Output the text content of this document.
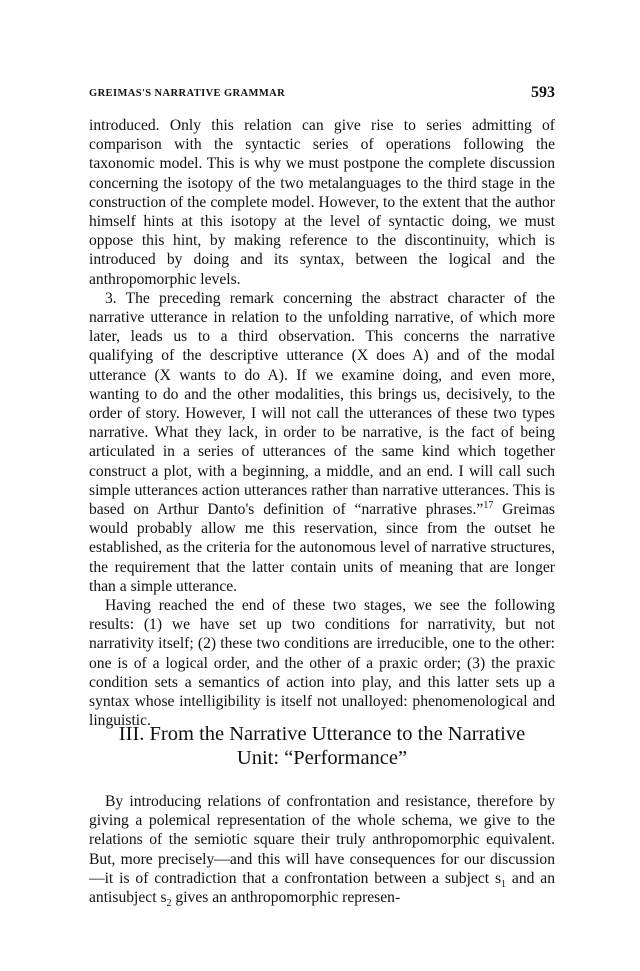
GREIMAS'S NARRATIVE GRAMMAR	593

introduced. Only this relation can give rise to series admitting of comparison with the syntactic series of operations following the taxonomic model. This is why we must postpone the complete discussion concerning the isotopy of the two metalanguages to the third stage in the construction of the complete model. However, to the extent that the author himself hints at this isotopy at the level of syntactic doing, we must oppose this hint, by making reference to the discontinuity, which is introduced by doing and its syntax, between the logical and the anthropomorphic levels.

3. The preceding remark concerning the abstract character of the narrative utterance in relation to the unfolding narrative, of which more later, leads us to a third observation. This concerns the narrative qualifying of the descriptive utterance (X does A) and of the modal utterance (X wants to do A). If we examine doing, and even more, wanting to do and the other modalities, this brings us, decisively, to the order of story. However, I will not call the utterances of these two types narrative. What they lack, in order to be narrative, is the fact of being articulated in a series of utterances of the same kind which together construct a plot, with a beginning, a middle, and an end. I will call such simple utterances action utterances rather than narrative utterances. This is based on Arthur Danto's definition of “narrative phrases.”$^{17}$ Greimas would probably allow me this reservation, since from the outset he established, as the criteria for the autonomous level of narrative structures, the requirement that the latter contain units of meaning that are longer than a simple utterance.

Having reached the end of these two stages, we see the following results: (1) we have set up two conditions for narrativity, but not narrativity itself; (2) these two conditions are irreducible, one to the other: one is of a logical order, and the other of a praxic order; (3) the praxic condition sets a semantics of action into play, and this latter sets up a syntax whose intelligibility is itself not unalloyed: phenomenological and linguistic.

III. From the Narrative Utterance to the Narrative
Unit: “Performance”

By introducing relations of confrontation and resistance, therefore by giving a polemical representation of the whole schema, we give to the relations of the semiotic square their truly anthropomorphic equivalent. But, more precisely—and this will have consequences for our discussion—it is of contradiction that a confrontation between a subject $s_1$ and an antisubject $s_2$ gives an anthropomorphic represen-
